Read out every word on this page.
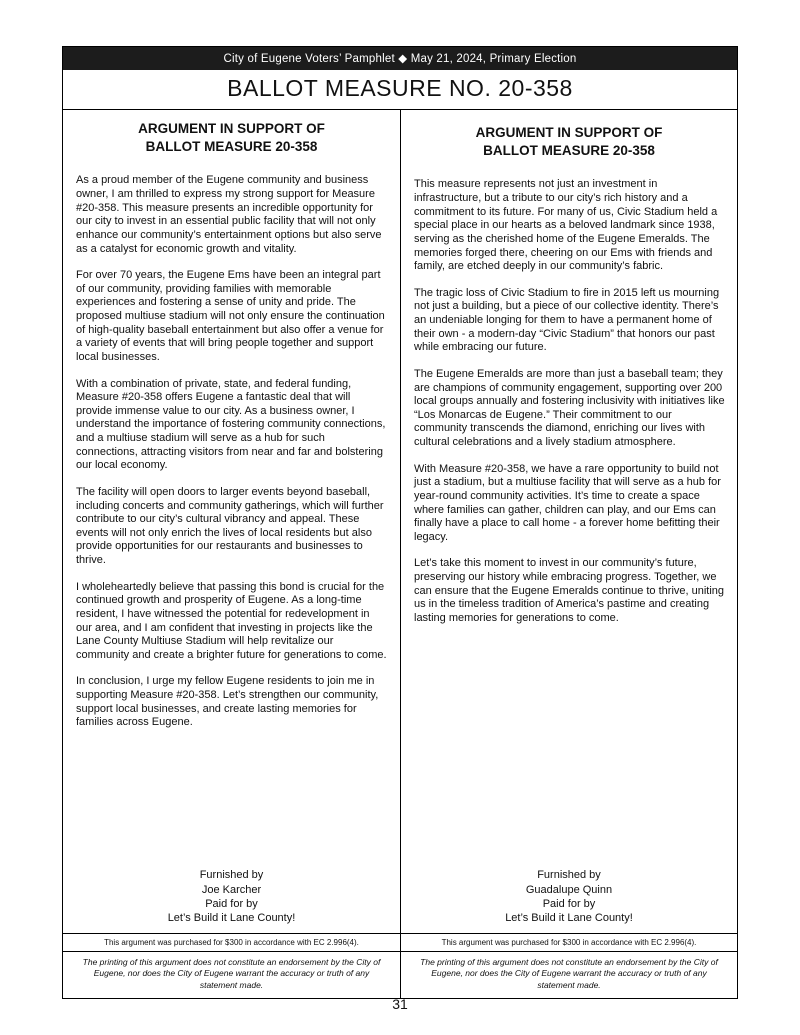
City of Eugene Voters’ Pamphlet ◆ May 21, 2024, Primary Election
BALLOT MEASURE NO. 20-358
ARGUMENT IN SUPPORT OF
BALLOT MEASURE 20-358

As a proud member of the Eugene community and business owner, I am thrilled to express my strong support for Measure #20-358. This measure presents an incredible opportunity for our city to invest in an essential public facility that will not only enhance our community’s entertainment options but also serve as a catalyst for economic growth and vitality.

For over 70 years, the Eugene Ems have been an integral part of our community, providing families with memorable experiences and fostering a sense of unity and pride. The proposed multiuse stadium will not only ensure the continuation of high-quality baseball entertainment but also offer a venue for a variety of events that will bring people together and support local businesses.

With a combination of private, state, and federal funding, Measure #20-358 offers Eugene a fantastic deal that will provide immense value to our city. As a business owner, I understand the importance of fostering community connections, and a multiuse stadium will serve as a hub for such connections, attracting visitors from near and far and bolstering our local economy.

The facility will open doors to larger events beyond baseball, including concerts and community gatherings, which will further contribute to our city’s cultural vibrancy and appeal. These events will not only enrich the lives of local residents but also provide opportunities for our restaurants and businesses to thrive.

I wholeheartedly believe that passing this bond is crucial for the continued growth and prosperity of Eugene. As a long-time resident, I have witnessed the potential for redevelopment in our area, and I am confident that investing in projects like the Lane County Multiuse Stadium will help revitalize our community and create a brighter future for generations to come.

In conclusion, I urge my fellow Eugene residents to join me in supporting Measure #20-358. Let’s strengthen our community, support local businesses, and create lasting memories for families across Eugene.

Furnished by
Joe Karcher
Paid for by
Let’s Build it Lane County!
This argument was purchased for $300 in accordance with EC 2.996(4).
The printing of this argument does not constitute an endorsement by the City of Eugene, nor does the City of Eugene warrant the accuracy or truth of any statement made.
ARGUMENT IN SUPPORT OF
BALLOT MEASURE 20-358

This measure represents not just an investment in infrastructure, but a tribute to our city’s rich history and a commitment to its future. For many of us, Civic Stadium held a special place in our hearts as a beloved landmark since 1938, serving as the cherished home of the Eugene Emeralds. The memories forged there, cheering on our Ems with friends and family, are etched deeply in our community’s fabric.

The tragic loss of Civic Stadium to fire in 2015 left us mourning not just a building, but a piece of our collective identity. There’s an undeniable longing for them to have a permanent home of their own - a modern-day “Civic Stadium” that honors our past while embracing our future.

The Eugene Emeralds are more than just a baseball team; they are champions of community engagement, supporting over 200 local groups annually and fostering inclusivity with initiatives like “Los Monarcas de Eugene.” Their commitment to our community transcends the diamond, enriching our lives with cultural celebrations and a lively stadium atmosphere.

With Measure #20-358, we have a rare opportunity to build not just a stadium, but a multiuse facility that will serve as a hub for year-round community activities. It’s time to create a space where families can gather, children can play, and our Ems can finally have a place to call home - a forever home befitting their legacy.

Let’s take this moment to invest in our community’s future, preserving our history while embracing progress. Together, we can ensure that the Eugene Emeralds continue to thrive, uniting us in the timeless tradition of America’s pastime and creating lasting memories for generations to come.

Furnished by
Guadalupe Quinn
Paid for by
Let’s Build it Lane County!
This argument was purchased for $300 in accordance with EC 2.996(4).
The printing of this argument does not constitute an endorsement by the City of Eugene, nor does the City of Eugene warrant the accuracy or truth of any statement made.
31
